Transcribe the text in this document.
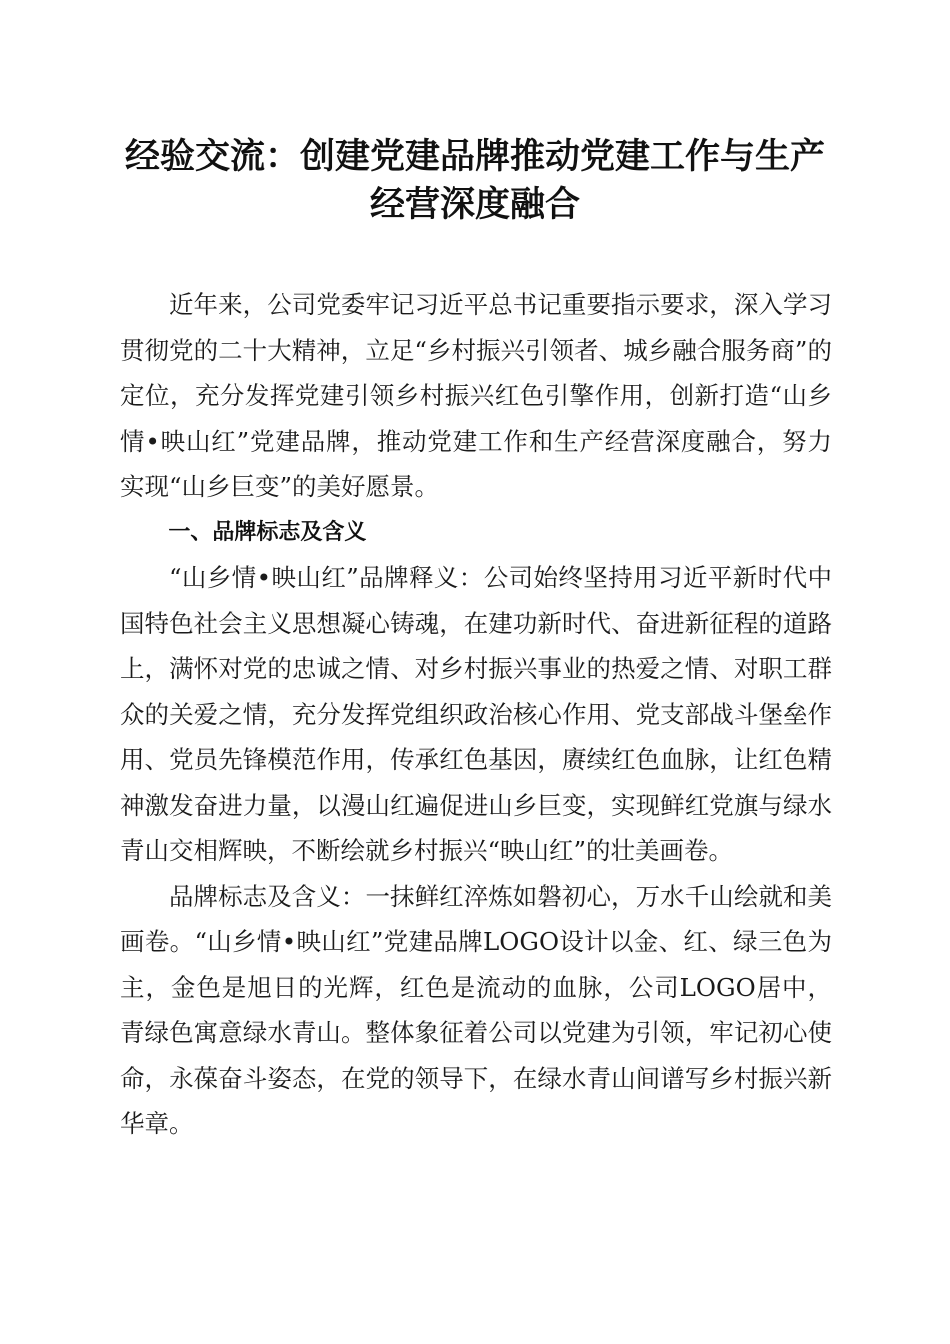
经验交流：创建党建品牌推动党建工作与生产经营深度融合

近年来，公司党委牢记习近平总书记重要指示要求，深入学习贯彻党的二十大精神，立足“乡村振兴引领者、城乡融合服务商”的定位，充分发挥党建引领乡村振兴红色引擎作用，创新打造“山乡情•映山红”党建品牌，推动党建工作和生产经营深度融合，努力实现“山乡巨变”的美好愿景。

一、品牌标志及含义

“山乡情•映山红”品牌释义：公司始终坚持用习近平新时代中国特色社会主义思想凝心铸魂，在建功新时代、奋进新征程的道路上，满怀对党的忠诚之情、对乡村振兴事业的热爱之情、对职工群众的关爱之情，充分发挥党组织政治核心作用、党支部战斗堡垒作用、党员先锋模范作用，传承红色基因，赓续红色血脉，让红色精神激发奋进力量，以漫山红遍促进山乡巨变，实现鲜红党旗与绿水青山交相辉映，不断绘就乡村振兴“映山红”的壮美画卷。

品牌标志及含义：一抹鲜红淬炼如磐初心，万水千山绘就和美画卷。“山乡情•映山红”党建品牌LOGO设计以金、红、绿三色为主，金色是旭日的光辉，红色是流动的血脉，公司LOGO居中，青绿色寓意绿水青山。整体象征着公司以党建为引领，牢记初心使命，永葆奋斗姿态，在党的领导下，在绿水青山间谱写乡村振兴新华章。
